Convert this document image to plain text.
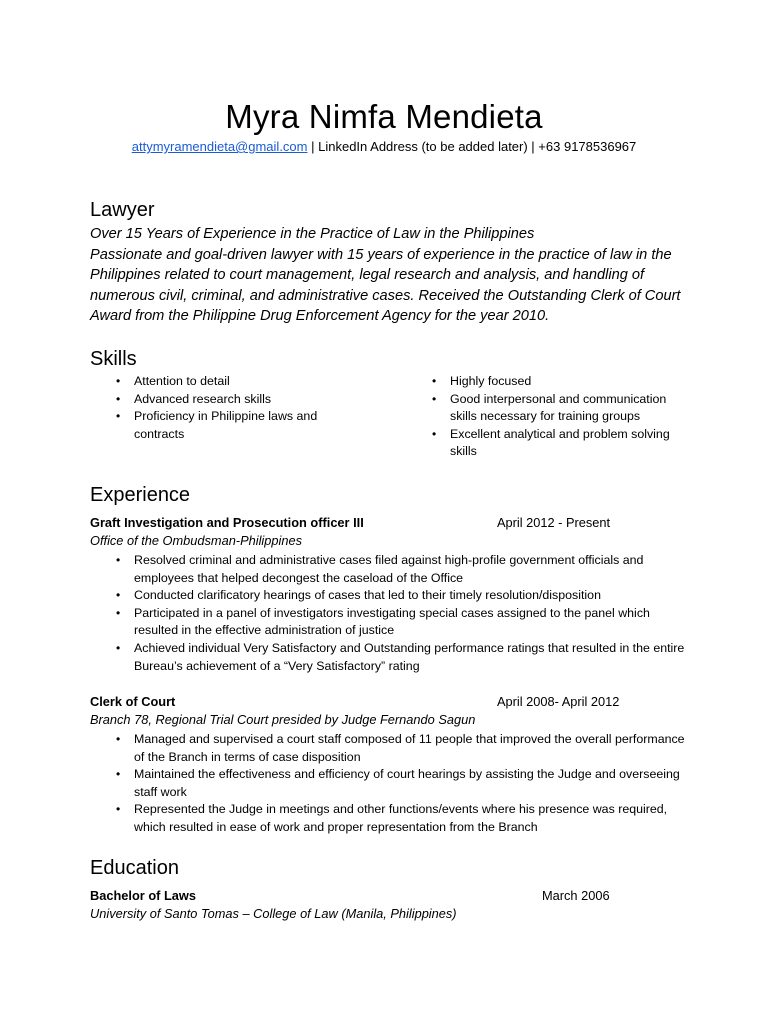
Myra Nimfa Mendieta
attymyramendieta@gmail.com | LinkedIn Address (to be added later) | +63 9178536967
Lawyer

Over 15 Years of Experience in the Practice of Law in the Philippines

Passionate and goal-driven lawyer with 15 years of experience in the practice of law in the Philippines related to court management, legal research and analysis, and handling of numerous civil, criminal, and administrative cases. Received the Outstanding Clerk of Court Award from the Philippine Drug Enforcement Agency for the year 2010.

Skills
• Attention to detail
• Advanced research skills
• Proficiency in Philippine laws and contracts
• Highly focused
• Good interpersonal and communication skills necessary for training groups
• Excellent analytical and problem solving skills
Experience
Graft Investigation and Prosecution officer III	April 2012 - Present
Office of the Ombudsman-Philippines
• Resolved criminal and administrative cases filed against high-profile government officials and employees that helped decongest the caseload of the Office
• Conducted clarificatory hearings of cases that led to their timely resolution/disposition
• Participated in a panel of investigators investigating special cases assigned to the panel which resulted in the effective administration of justice
• Achieved individual Very Satisfactory and Outstanding performance ratings that resulted in the entire Bureau’s achievement of a “Very Satisfactory” rating
Clerk of Court	April 2008- April 2012
Branch 78, Regional Trial Court presided by Judge Fernando Sagun
• Managed and supervised a court staff composed of 11 people that improved the overall performance of the Branch in terms of case disposition
• Maintained the effectiveness and efficiency of court hearings by assisting the Judge and overseeing staff work
• Represented the Judge in meetings and other functions/events where his presence was required, which resulted in ease of work and proper representation from the Branch
Education
Bachelor of Laws	March 2006
University of Santo Tomas – College of Law (Manila, Philippines)
